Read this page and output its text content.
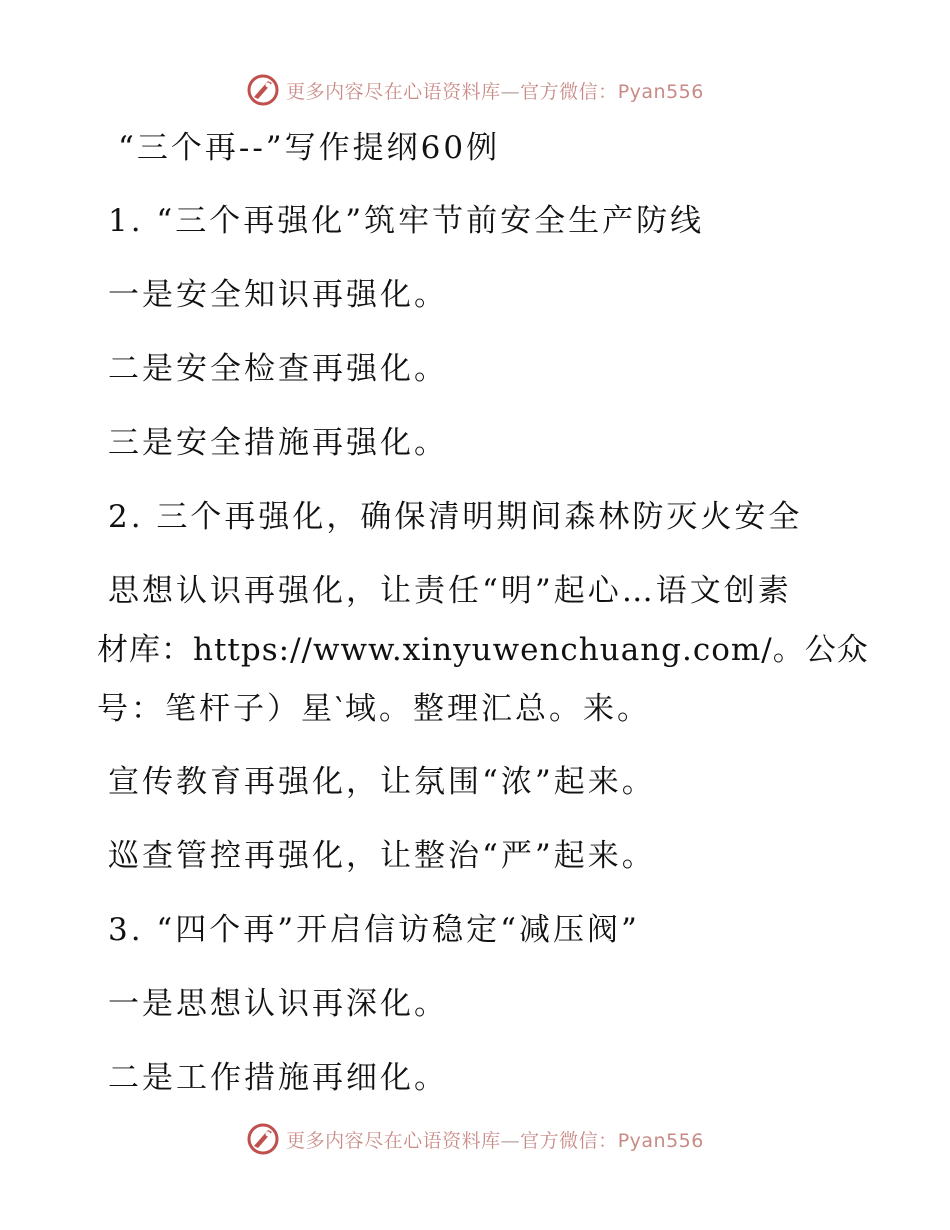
更多内容尽在心语资料库—官方微信：Pyan556
“三个再--”写作提纲60例
1. “三个再强化”筑牢节前安全生产防线
一是安全知识再强化。
二是安全检查再强化。
三是安全措施再强化。
2. 三个再强化，确保清明期间森林防灭火安全
思想认识再强化，让责任“明”起心…语文创素
材库：https://www.xinyuwenchuang.com/。公众
号：笔杆子）星‵域。整理汇总。来。
宣传教育再强化，让氛围“浓”起来。
巡查管控再强化，让整治“严”起来。
3. “四个再”开启信访稳定“减压阀”
一是思想认识再深化。
二是工作措施再细化。
更多内容尽在心语资料库—官方微信：Pyan556
